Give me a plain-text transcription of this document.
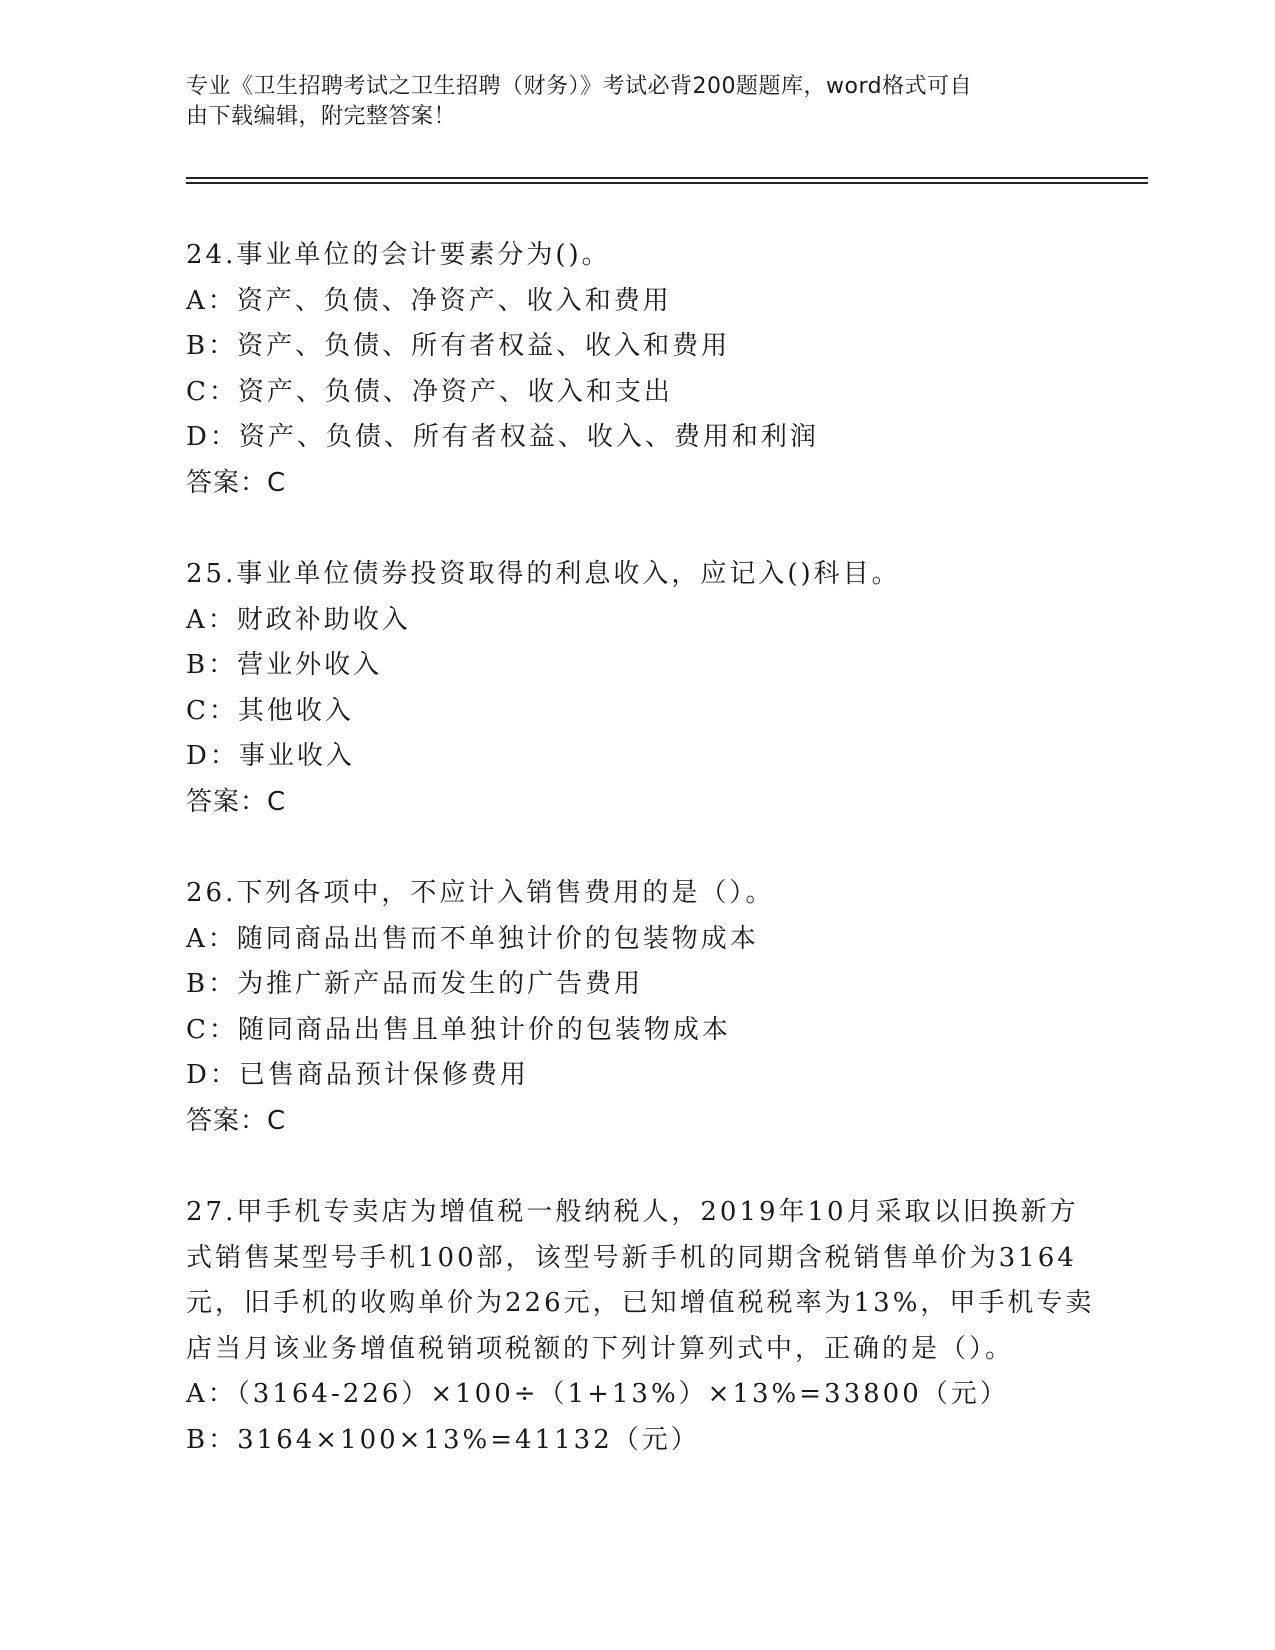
专业《卫生招聘考试之卫生招聘（财务）》考试必背200题题库，word格式可自
由下载编辑，附完整答案！
24.事业单位的会计要素分为()。
A：资产、负债、净资产、收入和费用
B：资产、负债、所有者权益、收入和费用
C：资产、负债、净资产、收入和支出
D：资产、负债、所有者权益、收入、费用和利润
答案：C
25.事业单位债券投资取得的利息收入，应记入()科目。
A：财政补助收入
B：营业外收入
C：其他收入
D：事业收入
答案：C
26.下列各项中，不应计入销售费用的是（）。
A：随同商品出售而不单独计价的包装物成本
B：为推广新产品而发生的广告费用
C：随同商品出售且单独计价的包装物成本
D：已售商品预计保修费用
答案：C
27.甲手机专卖店为增值税一般纳税人，2019年10月采取以旧换新方
式销售某型号手机100部，该型号新手机的同期含税销售单价为3164
元，旧手机的收购单价为226元，已知增值税税率为13%，甲手机专卖
店当月该业务增值税销项税额的下列计算列式中，正确的是（）。
A：（3164-226）×100÷（1+13%）×13%=33800（元）
B：3164×100×13%=41132（元）
